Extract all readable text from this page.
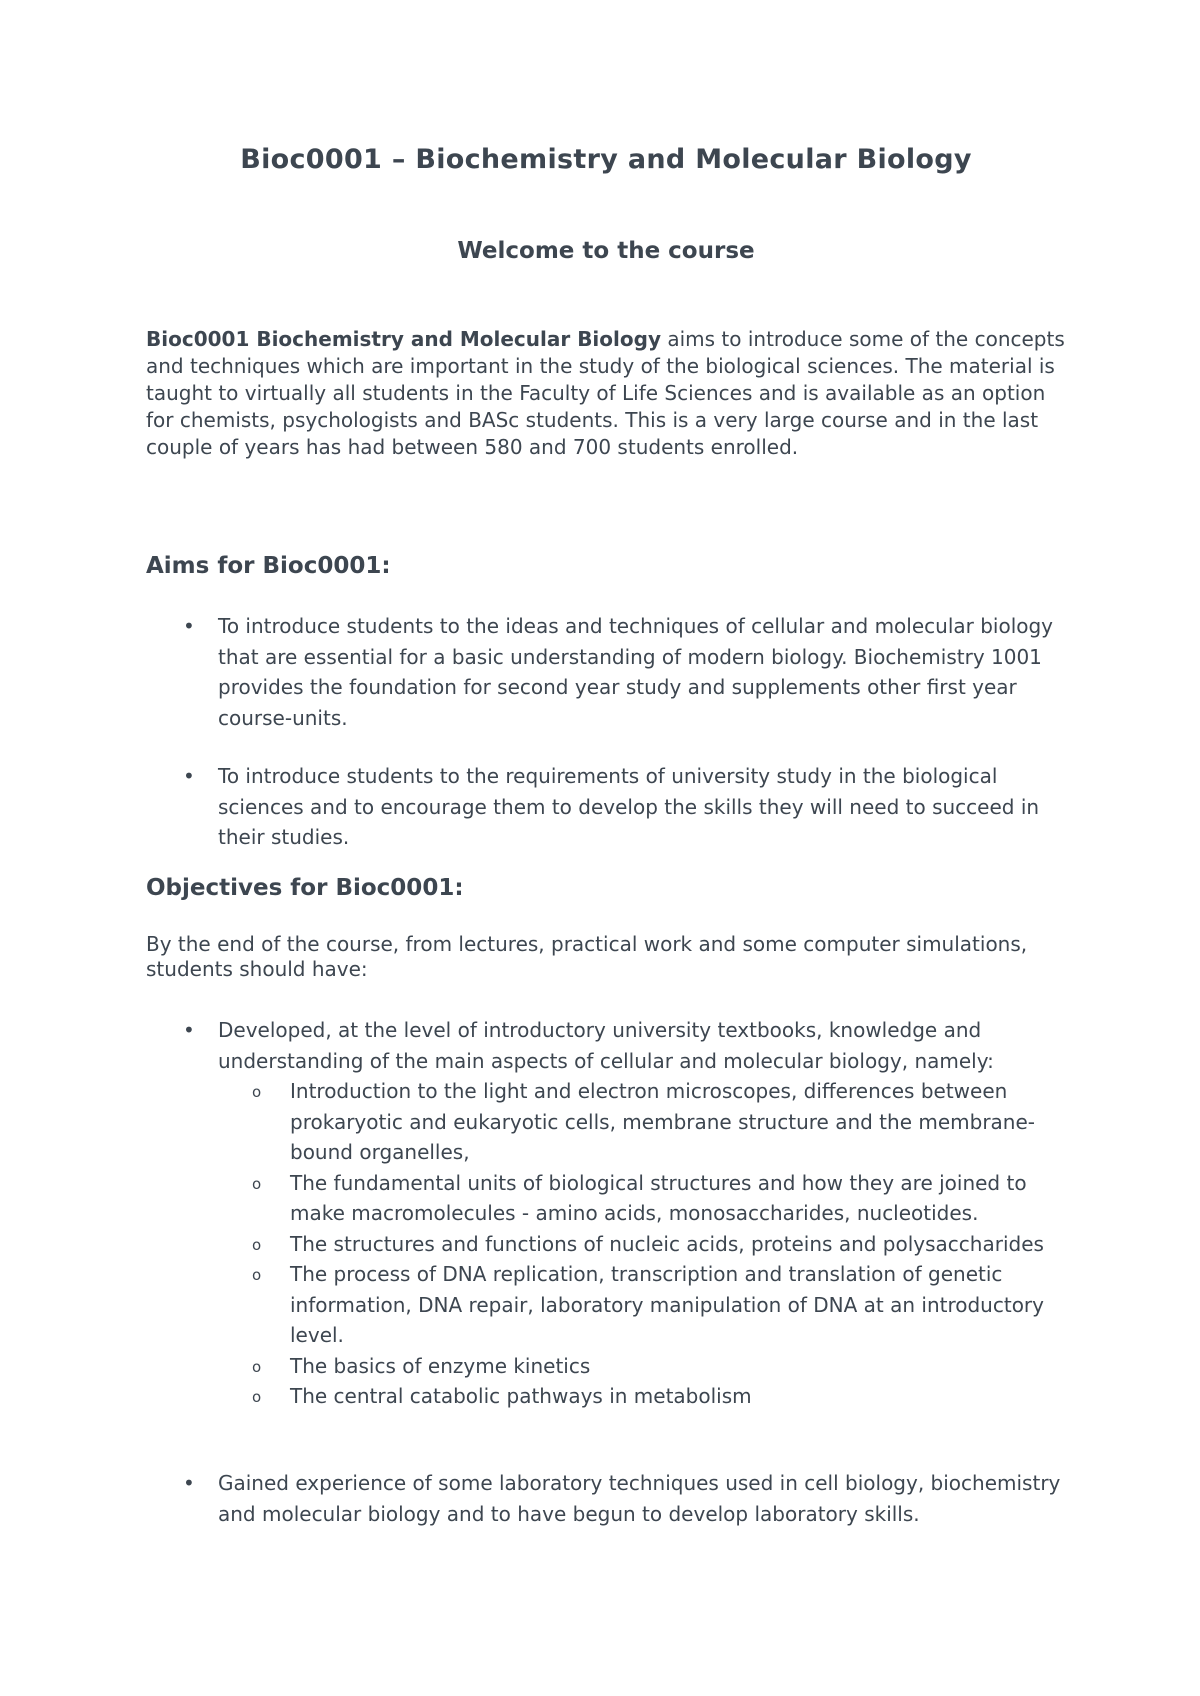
Bioc0001 – Biochemistry and Molecular Biology
Welcome to the course

Bioc0001 Biochemistry and Molecular Biology aims to introduce some of the concepts and techniques which are important in the study of the biological sciences. The material is taught to virtually all students in the Faculty of Life Sciences and is available as an option for chemists, psychologists and BASc students. This is a very large course and in the last couple of years has had between 580 and 700 students enrolled.

Aims for Bioc0001:
• To introduce students to the ideas and techniques of cellular and molecular biology that are essential for a basic understanding of modern biology. Biochemistry 1001 provides the foundation for second year study and supplements other first year course-units.
• To introduce students to the requirements of university study in the biological sciences and to encourage them to develop the skills they will need to succeed in their studies.
Objectives for Bioc0001:

By the end of the course, from lectures, practical work and some computer simulations, students should have:

• Developed, at the level of introductory university textbooks, knowledge and understanding of the main aspects of cellular and molecular biology, namely:
o Introduction to the light and electron microscopes, differences between prokaryotic and eukaryotic cells, membrane structure and the membrane-bound organelles,
o The fundamental units of biological structures and how they are joined to make macromolecules - amino acids, monosaccharides, nucleotides.
o The structures and functions of nucleic acids, proteins and polysaccharides
o The process of DNA replication, transcription and translation of genetic information, DNA repair, laboratory manipulation of DNA at an introductory level.
o The basics of enzyme kinetics
o The central catabolic pathways in metabolism
• Gained experience of some laboratory techniques used in cell biology, biochemistry and molecular biology and to have begun to develop laboratory skills.
